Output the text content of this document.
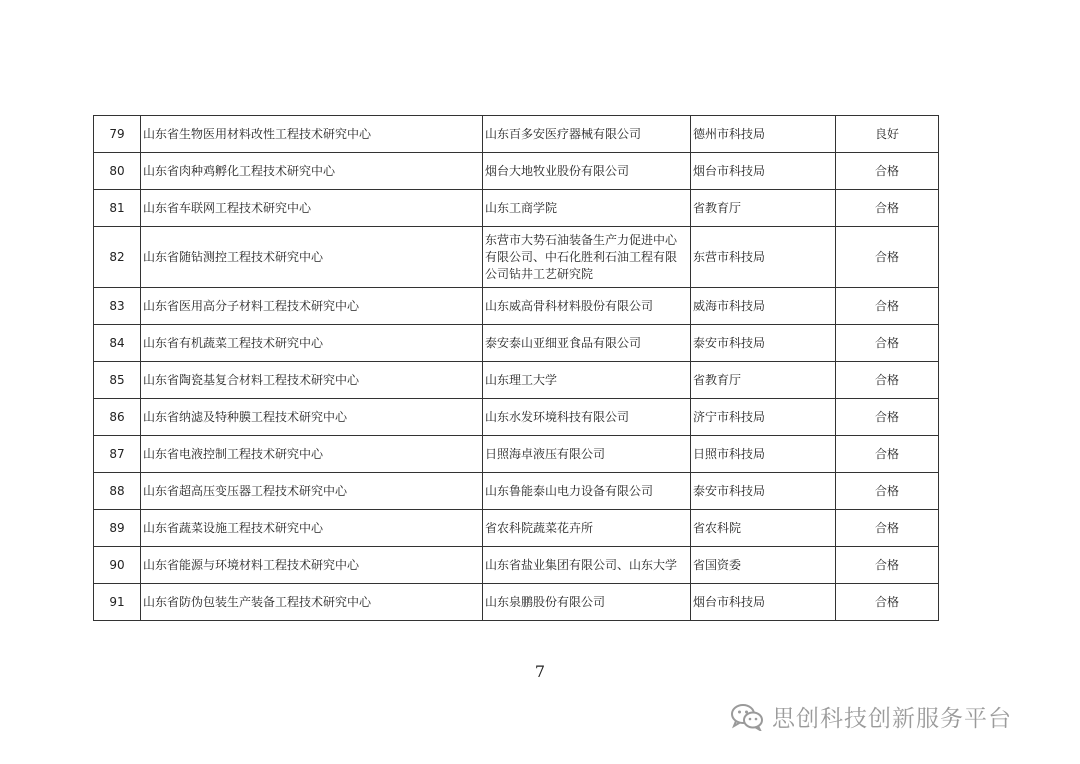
79	山东省生物医用材料改性工程技术研究中心	山东百多安医疗器械有限公司	德州市科技局	良好
80	山东省肉种鸡孵化工程技术研究中心	烟台大地牧业股份有限公司	烟台市科技局	合格
81	山东省车联网工程技术研究中心	山东工商学院	省教育厅	合格
82	山东省随钻测控工程技术研究中心	东营市大势石油装备生产力促进中心有限公司、中石化胜利石油工程有限公司钻井工艺研究院	东营市科技局	合格
83	山东省医用高分子材料工程技术研究中心	山东威高骨科材料股份有限公司	威海市科技局	合格
84	山东省有机蔬菜工程技术研究中心	泰安泰山亚细亚食品有限公司	泰安市科技局	合格
85	山东省陶瓷基复合材料工程技术研究中心	山东理工大学	省教育厅	合格
86	山东省纳滤及特种膜工程技术研究中心	山东水发环境科技有限公司	济宁市科技局	合格
87	山东省电液控制工程技术研究中心	日照海卓液压有限公司	日照市科技局	合格
88	山东省超高压变压器工程技术研究中心	山东鲁能泰山电力设备有限公司	泰安市科技局	合格
89	山东省蔬菜设施工程技术研究中心	省农科院蔬菜花卉所	省农科院	合格
90	山东省能源与环境材料工程技术研究中心	山东省盐业集团有限公司、山东大学	省国资委	合格
91	山东省防伪包装生产装备工程技术研究中心	山东泉鹏股份有限公司	烟台市科技局	合格
7
思创科技创新服务平台
